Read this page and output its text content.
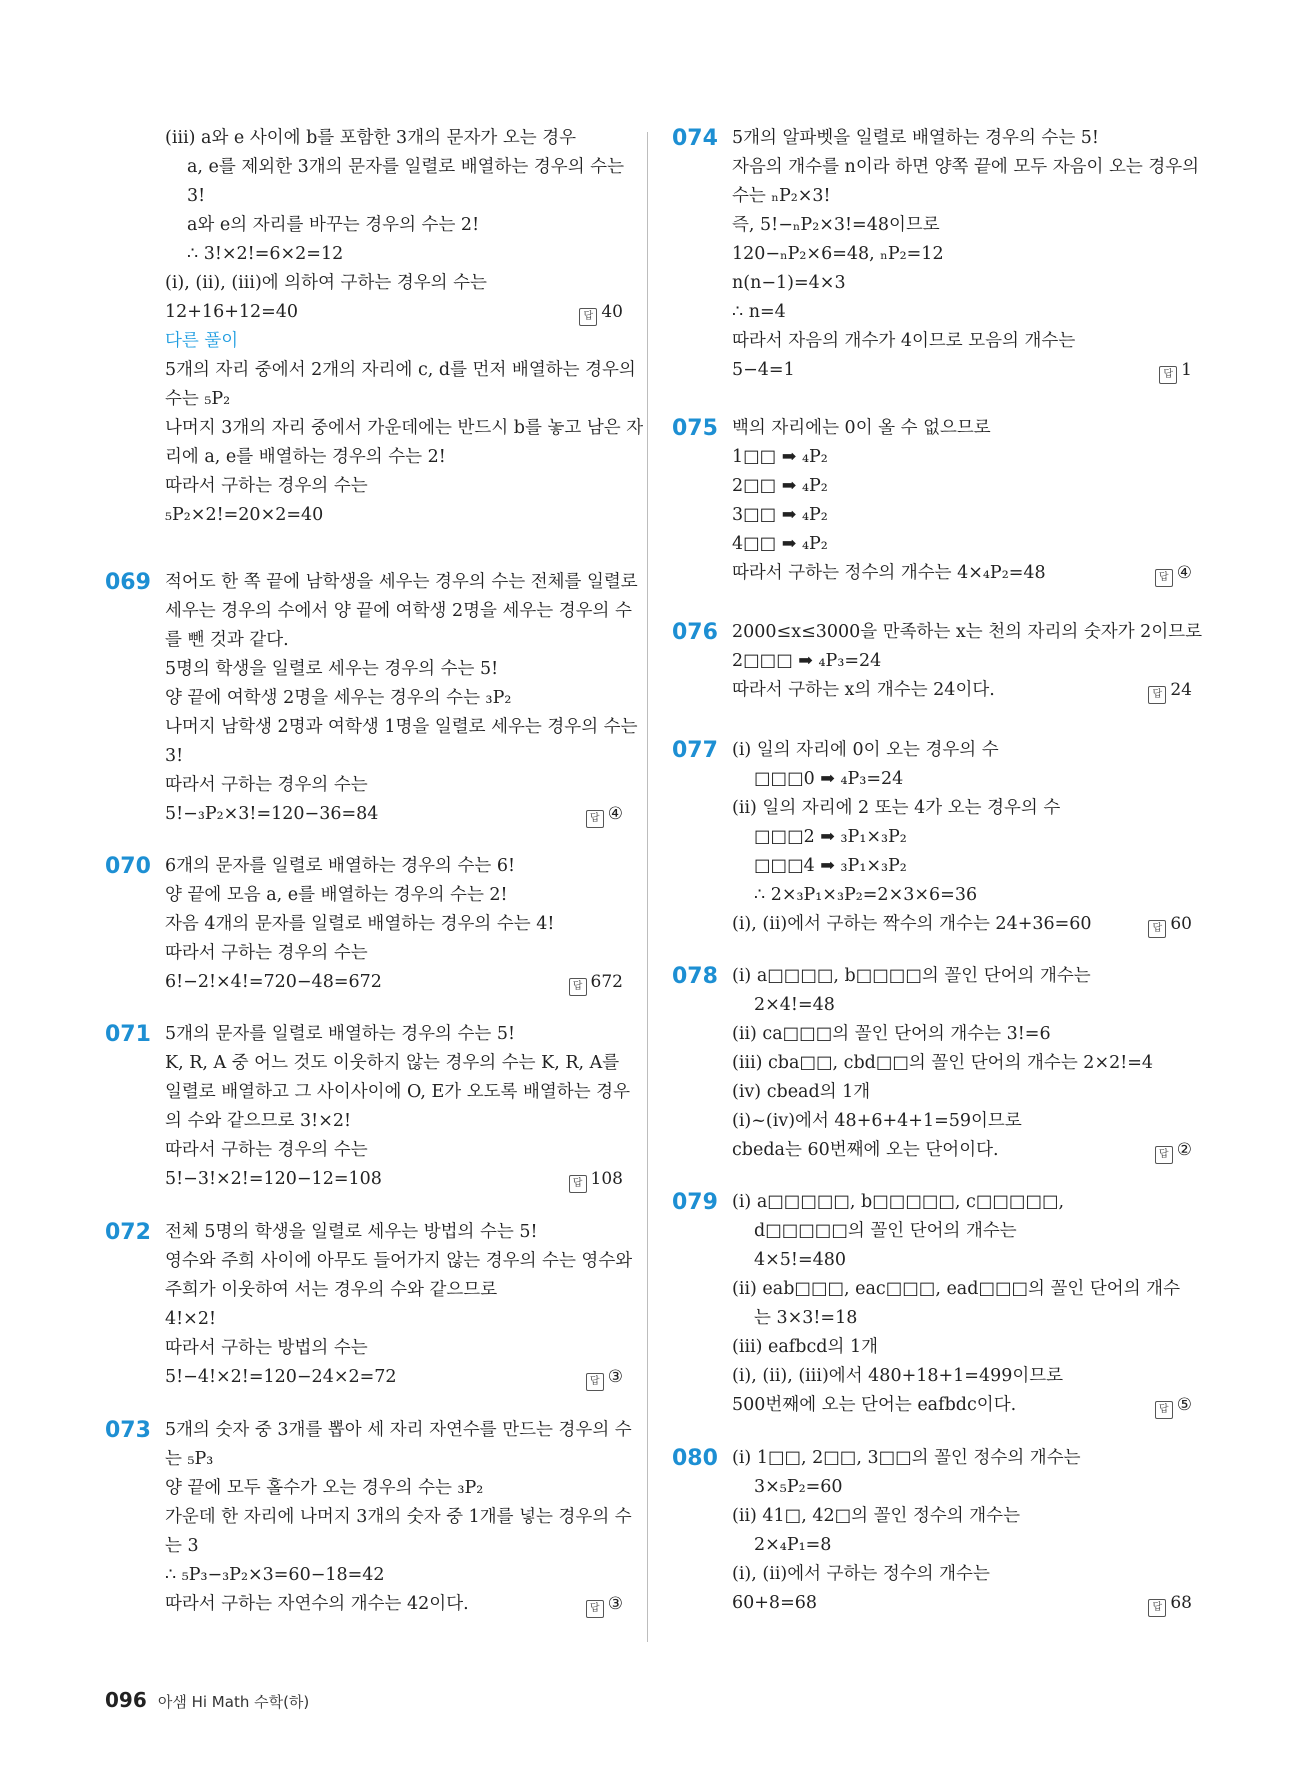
(ⅲ) a와 e 사이에 b를 포함한 3개의 문자가 오는 경우
a, e를 제외한 3개의 문자를 일렬로 배열하는 경우의 수는
3!
a와 e의 자리를 바꾸는 경우의 수는 2!
∴ 3!×2!=6×2=12
(ⅰ), (ⅱ), (ⅲ)에 의하여 구하는 경우의 수는
12+16+12=40	답 40
다른 풀이
5개의 자리 중에서 2개의 자리에 c, d를 먼저 배열하는 경우의
수는 ₅P₂
나머지 3개의 자리 중에서 가운데에는 반드시 b를 놓고 남은 자
리에 a, e를 배열하는 경우의 수는 2!
따라서 구하는 경우의 수는
₅P₂×2!=20×2=40
069 적어도 한 쪽 끝에 남학생을 세우는 경우의 수는 전체를 일렬로
세우는 경우의 수에서 양 끝에 여학생 2명을 세우는 경우의 수
를 뺀 것과 같다.
5명의 학생을 일렬로 세우는 경우의 수는 5!
양 끝에 여학생 2명을 세우는 경우의 수는 ₃P₂
나머지 남학생 2명과 여학생 1명을 일렬로 세우는 경우의 수는
3!
따라서 구하는 경우의 수는
5!−₃P₂×3!=120−36=84	답 ④
070 6개의 문자를 일렬로 배열하는 경우의 수는 6!
양 끝에 모음 a, e를 배열하는 경우의 수는 2!
자음 4개의 문자를 일렬로 배열하는 경우의 수는 4!
따라서 구하는 경우의 수는
6!−2!×4!=720−48=672	답 672
071 5개의 문자를 일렬로 배열하는 경우의 수는 5!
K, R, A 중 어느 것도 이웃하지 않는 경우의 수는 K, R, A를
일렬로 배열하고 그 사이사이에 O, E가 오도록 배열하는 경우
의 수와 같으므로 3!×2!
따라서 구하는 경우의 수는
5!−3!×2!=120−12=108	답 108
072 전체 5명의 학생을 일렬로 세우는 방법의 수는 5!
영수와 주희 사이에 아무도 들어가지 않는 경우의 수는 영수와
주희가 이웃하여 서는 경우의 수와 같으므로
4!×2!
따라서 구하는 방법의 수는
5!−4!×2!=120−24×2=72	답 ③
073 5개의 숫자 중 3개를 뽑아 세 자리 자연수를 만드는 경우의 수
는 ₅P₃
양 끝에 모두 홀수가 오는 경우의 수는 ₃P₂
가운데 한 자리에 나머지 3개의 숫자 중 1개를 넣는 경우의 수
는 3
∴ ₅P₃−₃P₂×3=60−18=42
따라서 구하는 자연수의 개수는 42이다.	답 ③
074 5개의 알파벳을 일렬로 배열하는 경우의 수는 5!
자음의 개수를 n이라 하면 양쪽 끝에 모두 자음이 오는 경우의
수는 ₙP₂×3!
즉, 5!−ₙP₂×3!=48이므로
120−ₙP₂×6=48, ₙP₂=12
n(n−1)=4×3
∴ n=4
따라서 자음의 개수가 4이므로 모음의 개수는
5−4=1	답 1
075 백의 자리에는 0이 올 수 없으므로
1□□ ➡ ₄P₂
2□□ ➡ ₄P₂
3□□ ➡ ₄P₂
4□□ ➡ ₄P₂
따라서 구하는 정수의 개수는 4×₄P₂=48	답 ④
076 2000≤x≤3000을 만족하는 x는 천의 자리의 숫자가 2이므로
2□□□ ➡ ₄P₃=24
따라서 구하는 x의 개수는 24이다.	답 24
077 (ⅰ) 일의 자리에 0이 오는 경우의 수
□□□0 ➡ ₄P₃=24
(ⅱ) 일의 자리에 2 또는 4가 오는 경우의 수
□□□2 ➡ ₃P₁×₃P₂
□□□4 ➡ ₃P₁×₃P₂
∴ 2×₃P₁×₃P₂=2×3×6=36
(ⅰ), (ⅱ)에서 구하는 짝수의 개수는 24+36=60	답 60
078 (ⅰ) a□□□□, b□□□□의 꼴인 단어의 개수는
2×4!=48
(ⅱ) ca□□□의 꼴인 단어의 개수는 3!=6
(ⅲ) cba□□, cbd□□의 꼴인 단어의 개수는 2×2!=4
(ⅳ) cbead의 1개
(ⅰ)~(ⅳ)에서 48+6+4+1=59이므로
cbeda는 60번째에 오는 단어이다.	답 ②
079 (ⅰ) a□□□□□, b□□□□□, c□□□□□,
d□□□□□의 꼴인 단어의 개수는
4×5!=480
(ⅱ) eab□□□, eac□□□, ead□□□의 꼴인 단어의 개수
는 3×3!=18
(ⅲ) eafbcd의 1개
(ⅰ), (ⅱ), (ⅲ)에서 480+18+1=499이므로
500번째에 오는 단어는 eafbdc이다.	답 ⑤
080 (ⅰ) 1□□, 2□□, 3□□의 꼴인 정수의 개수는
3×₅P₂=60
(ⅱ) 41□, 42□의 꼴인 정수의 개수는
2×₄P₁=8
(ⅰ), (ⅱ)에서 구하는 정수의 개수는
60+8=68	답 68
096 아샘 Hi Math 수학(하)
